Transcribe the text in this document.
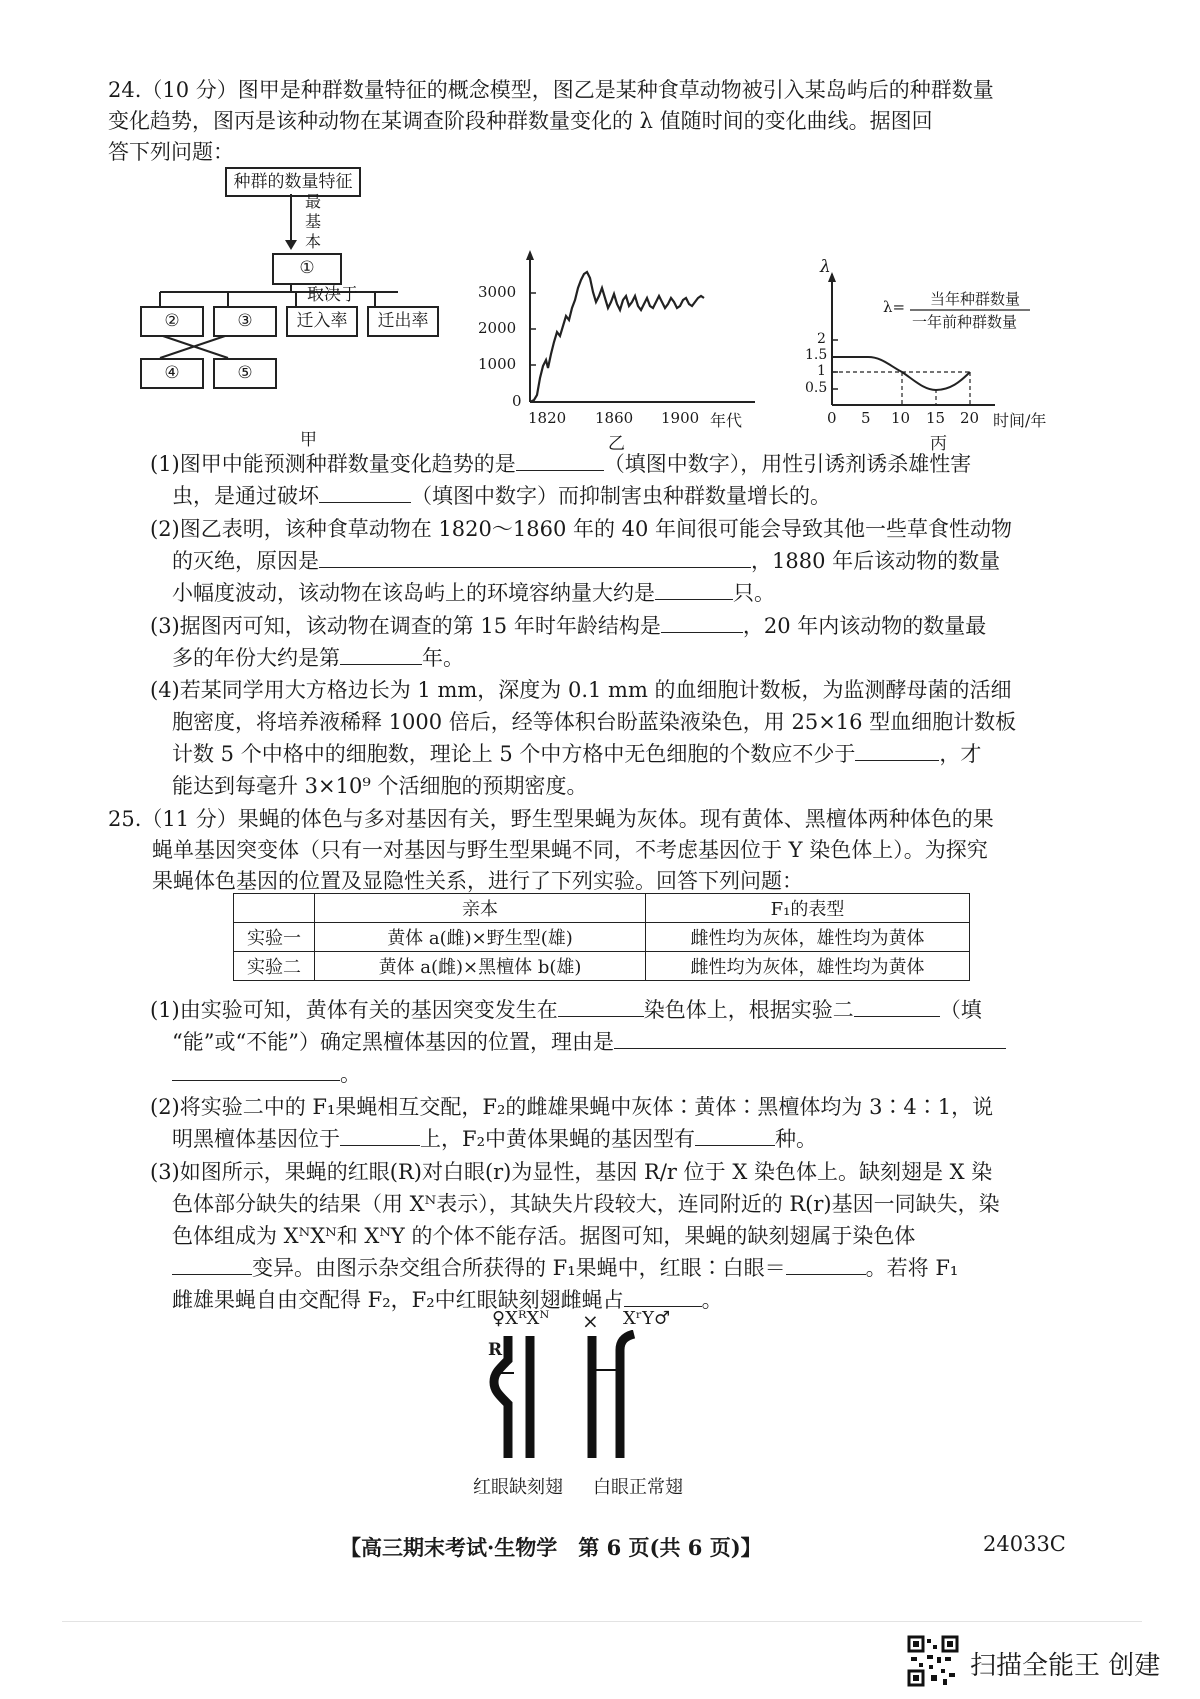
24.（10 分）图甲是种群数量特征的概念模型，图乙是某种食草动物被引入某岛屿后的种群数量
变化趋势，图丙是该种动物在某调查阶段种群数量变化的 λ 值随时间的变化曲线。据图回
答下列问题：
种群的数量特征
最
基
本
①
取决于
②	③	迁入率	迁出率
④	⑤
甲
3000
2000
1000
0
1820 1860 1900 年代
乙
λ
λ= 当年种群数量
一年前种群数量
2
1.5
1
0.5
0 5 10 15 20 时间/年
丙
(1)图甲中能预测种群数量变化趋势的是	（填图中数字），用性引诱剂诱杀雄性害
虫，是通过破坏	（填图中数字）而抑制害虫种群数量增长的。
(2)图乙表明，该种食草动物在 1820～1860 年的 40 年间很可能会导致其他一些草食性动物
的灭绝，原因是	，1880 年后该动物的数量
小幅度波动，该动物在该岛屿上的环境容纳量大约是	只。
(3)据图丙可知，该动物在调查的第 15 年时年龄结构是	，20 年内该动物的数量最
多的年份大约是第	年。
(4)若某同学用大方格边长为 1 mm，深度为 0.1 mm 的血细胞计数板，为监测酵母菌的活细
胞密度，将培养液稀释 1000 倍后，经等体积台盼蓝染液染色，用 25×16 型血细胞计数板
计数 5 个中格中的细胞数，理论上 5 个中方格中无色细胞的个数应不少于	，才
能达到每毫升 3×10⁹ 个活细胞的预期密度。
25.（11 分）果蝇的体色与多对基因有关，野生型果蝇为灰体。现有黄体、黑檀体两种体色的果
蝇单基因突变体（只有一对基因与野生型果蝇不同，不考虑基因位于 Y 染色体上）。为探究
果蝇体色基因的位置及显隐性关系，进行了下列实验。回答下列问题：
	亲本	F₁的表型
实验一	黄体 a(雌)×野生型(雄)	雌性均为灰体，雄性均为黄体
实验二	黄体 a(雌)×黑檀体 b(雄)	雌性均为灰体，雄性均为黄体
(1)由实验可知，黄体有关的基因突变发生在	染色体上，根据实验二	（填
“能”或“不能”）确定黑檀体基因的位置，理由是
。
(2)将实验二中的 F₁果蝇相互交配，F₂的雌雄果蝇中灰体∶黄体∶黑檀体均为 3∶4∶1，说
明黑檀体基因位于	上，F₂中黄体果蝇的基因型有	种。
(3)如图所示，果蝇的红眼(R)对白眼(r)为显性，基因 R/r 位于 X 染色体上。缺刻翅是 X 染
色体部分缺失的结果（用 Xᴺ表示），其缺失片段较大，连同附近的 R(r)基因一同缺失，染
色体组成为 XᴺXᴺ和 XᴺY 的个体不能存活。据图可知，果蝇的缺刻翅属于染色体
变异。由图示杂交组合所获得的 F₁果蝇中，红眼∶白眼＝	。若将 F₁
雌雄果蝇自由交配得 F₂，F₂中红眼缺刻翅雌蝇占	。
♀XᴿXᴺ × XʳY♂
R
r
红眼缺刻翅 白眼正常翅
【高三期末考试·生物学　第 6 页(共 6 页)】	24033C
扫描全能王 创建
